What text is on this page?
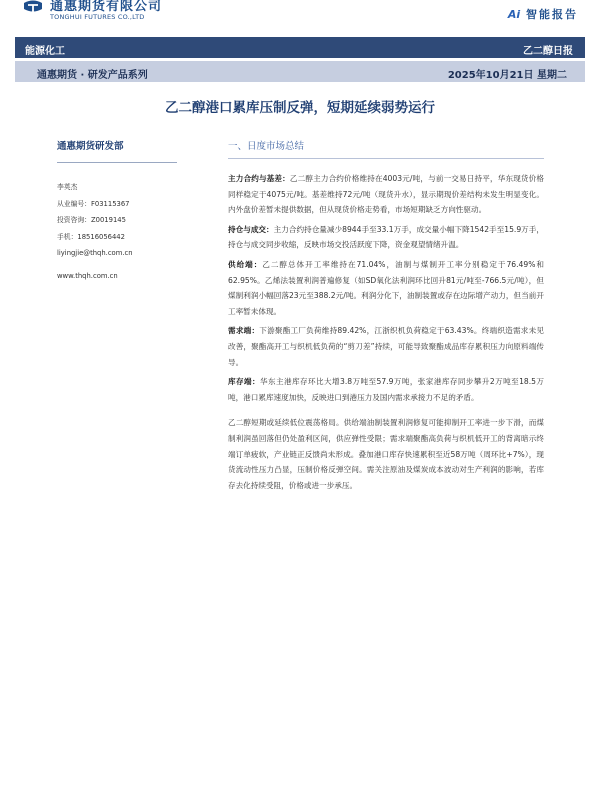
通惠期货有限公司
TONGHUI FUTURES CO.,LTD	Ai 智能报告
能源化工	乙二醇日报
通惠期货 · 研发产品系列	2025年10月21日 星期二
乙二醇港口累库压制反弹，短期延续弱势运行
通惠期货研发部
李英杰
从业编号：F03115367
投资咨询：Z0019145
手机：18516056442
liyingjie@thqh.com.cn
www.thqh.com.cn
一、日度市场总结

主力合约与基差：乙二醇主力合约价格维持在4003元/吨，与前一交易日持平，华东现货价格同样稳定于4075元/吨。基差维持72元/吨（现货升水），显示期现价差结构未发生明显变化。内外盘价差暂未提供数据，但从现货价格走势看，市场短期缺乏方向性驱动。

持仓与成交：主力合约持仓量减少8944手至33.1万手，成交量小幅下降1542手至15.9万手，持仓与成交同步收缩，反映市场交投活跃度下降，资金观望情绪升温。

供给端：乙二醇总体开工率维持在71.04%，油制与煤制开工率分别稳定于76.49%和62.95%。乙烯法装置利润普遍修复（如SD氧化法利润环比回升81元/吨至-766.5元/吨），但煤制利润小幅回落23元至388.2元/吨。利润分化下，油制装置或存在边际增产动力，但当前开工率暂未体现。

需求端：下游聚酯工厂负荷维持89.42%，江浙织机负荷稳定于63.43%。终端织造需求未见改善，聚酯高开工与织机低负荷的“剪刀差”持续，可能导致聚酯成品库存累积压力向原料端传导。

库存端：华东主港库存环比大增3.8万吨至57.9万吨，张家港库存同步攀升2万吨至18.5万吨，港口累库速度加快，反映进口到港压力及国内需求承接力不足的矛盾。

乙二醇短期或延续低位震荡格局。供给端油制装置利润修复可能抑制开工率进一步下滑，而煤制利润虽回落但仍处盈利区间，供应弹性受限；需求端聚酯高负荷与织机低开工的背离暗示终端订单疲软，产业链正反馈尚未形成。叠加港口库存快速累积至近58万吨（周环比+7%），现货流动性压力凸显，压制价格反弹空间。需关注原油及煤炭成本波动对生产利润的影响，若库存去化持续受阻，价格或进一步承压。
